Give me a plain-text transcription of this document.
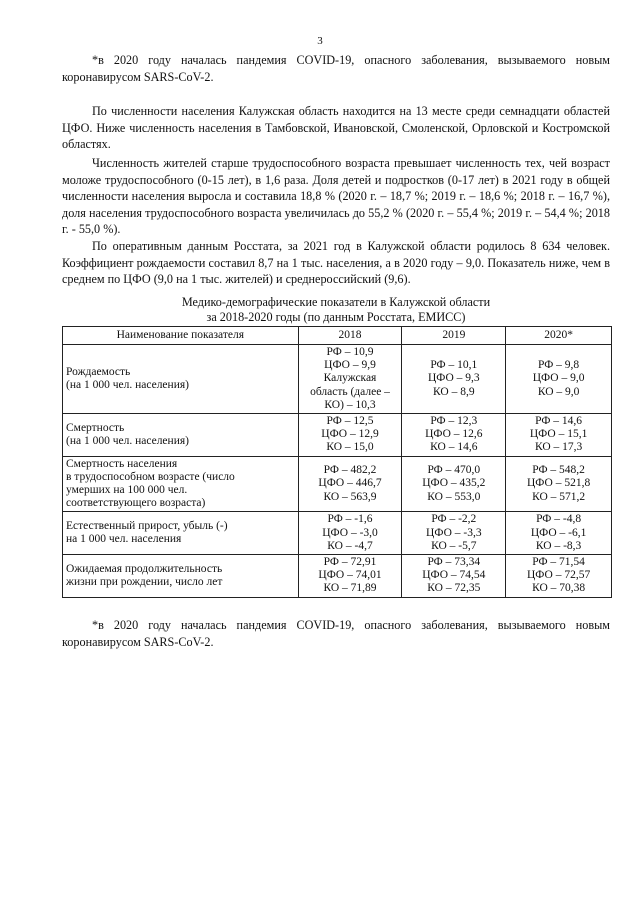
3

*в 2020 году началась пандемия COVID-19, опасного заболевания, вызываемого новым коронавирусом SARS-CoV-2.

По численности населения Калужская область находится на 13 месте среди семнадцати областей ЦФО. Ниже численность населения в Тамбовской, Ивановской, Смоленской, Орловской и Костромской областях.

Численность жителей старше трудоспособного возраста превышает численность тех, чей возраст моложе трудоспособного (0-15 лет), в 1,6 раза. Доля детей и подростков (0-17 лет) в 2021 году в общей численности населения выросла и составила 18,8 % (2020 г. – 18,7 %; 2019 г. – 18,6 %; 2018 г. – 16,7 %), доля населения трудоспособного возраста увеличилась до 55,2 % (2020 г. – 55,4 %; 2019 г. – 54,4 %; 2018 г. - 55,0 %).

По оперативным данным Росстата, за 2021 год в Калужской области родилось 8 634 человек. Коэффициент рождаемости составил 8,7 на 1 тыс. населения, а в 2020 году – 9,0. Показатель ниже, чем в среднем по ЦФО (9,0 на 1 тыс. жителей) и среднероссийский (9,6).

Медико-демографические показатели в Калужской области
за 2018-2020 годы (по данным Росстата, ЕМИСС)
Наименование показателя	2018	2019	2020*

Рождаемость
(на 1 000 чел. населения)	РФ – 10,9
ЦФО – 9,9
Калужская
область (далее –
КО) – 10,3	РФ – 10,1
ЦФО – 9,3
КО – 8,9	РФ – 9,8
ЦФО – 9,0
КО – 9,0

Смертность
(на 1 000 чел. населения)	РФ – 12,5
ЦФО – 12,9
КО – 15,0	РФ – 12,3
ЦФО – 12,6
КО – 14,6	РФ – 14,6
ЦФО – 15,1
КО – 17,3

Смертность населения
в трудоспособном возрасте (число
умерших на 100 000 чел.
соответствующего возраста)	РФ – 482,2
ЦФО – 446,7
КО – 563,9	РФ – 470,0
ЦФО – 435,2
КО – 553,0	РФ – 548,2
ЦФО – 521,8
КО – 571,2

Естественный прирост, убыль (-)
на 1 000 чел. населения	РФ – -1,6
ЦФО – -3,0
КО – -4,7	РФ – -2,2
ЦФО – -3,3
КО – -5,7	РФ – -4,8
ЦФО – -6,1
КО – -8,3

Ожидаемая продолжительность
жизни при рождении, число лет	РФ – 72,91
ЦФО – 74,01
КО – 71,89	РФ – 73,34
ЦФО – 74,54
КО – 72,35	РФ – 71,54
ЦФО – 72,57
КО – 70,38

*в 2020 году началась пандемия COVID-19, опасного заболевания, вызываемого новым коронавирусом SARS-CoV-2.
